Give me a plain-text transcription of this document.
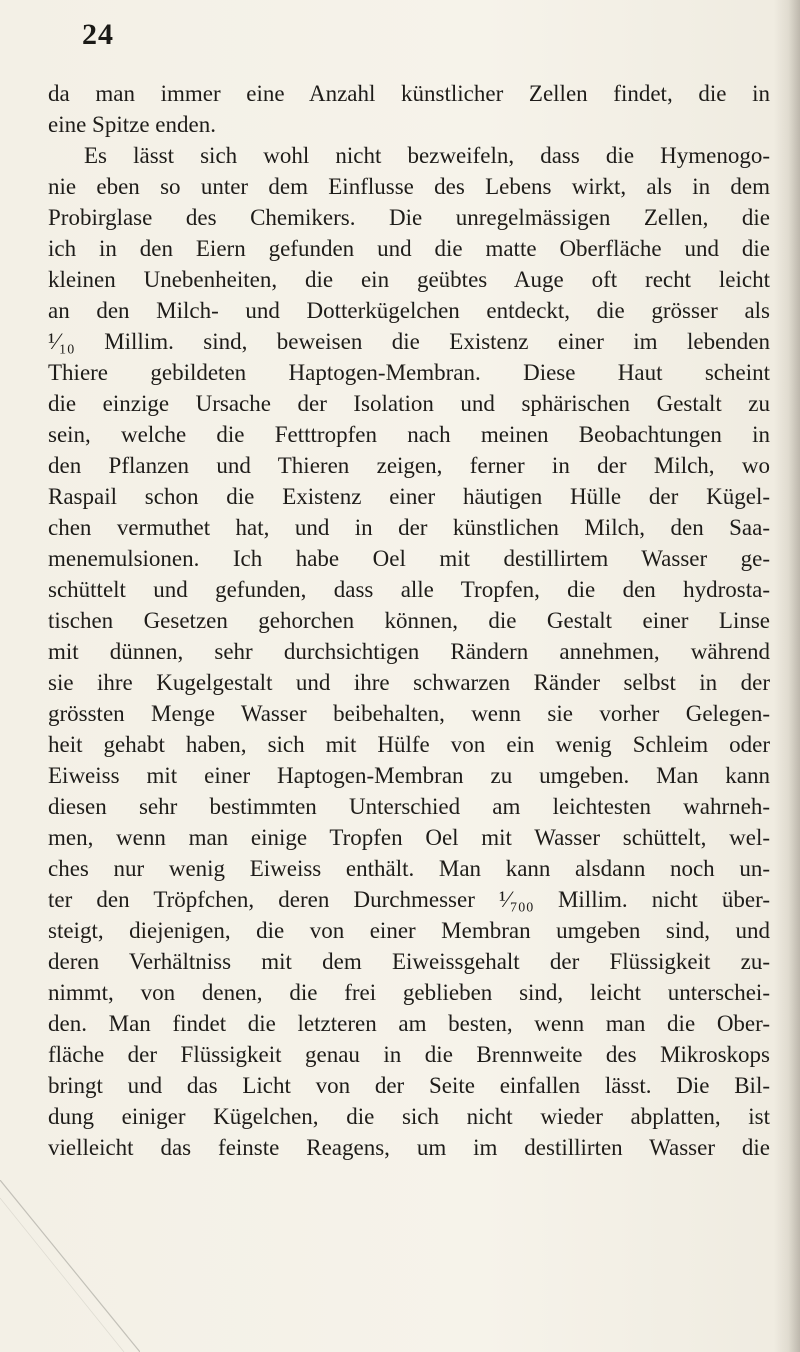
24
da man immer eine Anzahl künstlicher Zellen findet, die in
eine Spitze enden.
Es lässt sich wohl nicht bezweifeln, dass die Hymenogo-
nie eben so unter dem Einflusse des Lebens wirkt, als in dem
Probirglase des Chemikers. Die unregelmässigen Zellen, die
ich in den Eiern gefunden und die matte Oberfläche und die
kleinen Unebenheiten, die ein geübtes Auge oft recht leicht
an den Milch- und Dotterkügelchen entdeckt, die grösser als
¹⁄₁₀ Millim. sind, beweisen die Existenz einer im lebenden
Thiere gebildeten Haptogen-Membran. Diese Haut scheint
die einzige Ursache der Isolation und sphärischen Gestalt zu
sein, welche die Fetttropfen nach meinen Beobachtungen in
den Pflanzen und Thieren zeigen, ferner in der Milch, wo
Raspail schon die Existenz einer häutigen Hülle der Kügel-
chen vermuthet hat, und in der künstlichen Milch, den Saa-
menemulsionen. Ich habe Oel mit destillirtem Wasser ge-
schüttelt und gefunden, dass alle Tropfen, die den hydrosta-
tischen Gesetzen gehorchen können, die Gestalt einer Linse
mit dünnen, sehr durchsichtigen Rändern annehmen, während
sie ihre Kugelgestalt und ihre schwarzen Ränder selbst in der
grössten Menge Wasser beibehalten, wenn sie vorher Gelegen-
heit gehabt haben, sich mit Hülfe von ein wenig Schleim oder
Eiweiss mit einer Haptogen-Membran zu umgeben. Man kann
diesen sehr bestimmten Unterschied am leichtesten wahrneh-
men, wenn man einige Tropfen Oel mit Wasser schüttelt, wel-
ches nur wenig Eiweiss enthält. Man kann alsdann noch un-
ter den Tröpfchen, deren Durchmesser ¹⁄₇₀₀ Millim. nicht über-
steigt, diejenigen, die von einer Membran umgeben sind, und
deren Verhältniss mit dem Eiweissgehalt der Flüssigkeit zu-
nimmt, von denen, die frei geblieben sind, leicht unterschei-
den. Man findet die letzteren am besten, wenn man die Ober-
fläche der Flüssigkeit genau in die Brennweite des Mikroskops
bringt und das Licht von der Seite einfallen lässt. Die Bil-
dung einiger Kügelchen, die sich nicht wieder abplatten, ist
vielleicht das feinste Reagens, um im destillirten Wasser die
